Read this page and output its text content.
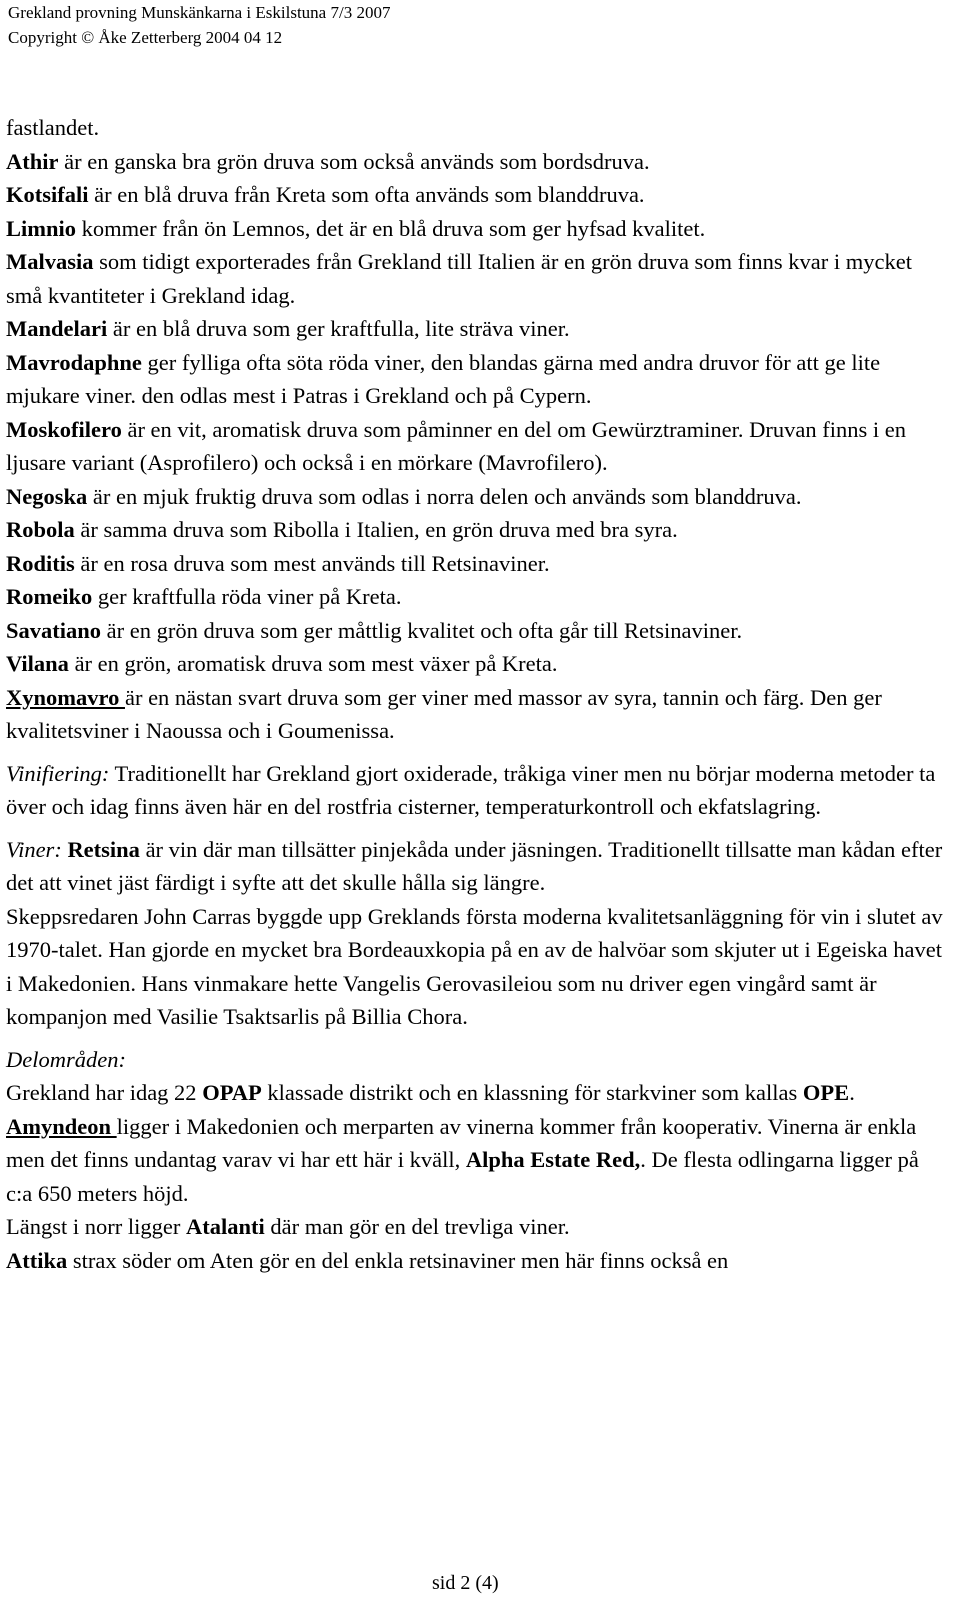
Grekland provning Munskänkarna i Eskilstuna 7/3 2007
Copyright © Åke Zetterberg 2004 04 12

fastlandet.

Athir är en ganska bra grön druva som också används som bordsdruva.

Kotsifali är en blå druva från Kreta som ofta används som blanddruva.

Limnio kommer från ön Lemnos, det är en blå druva som ger hyfsad kvalitet.

Malvasia som tidigt exporterades från Grekland till Italien är en grön druva som finns kvar i mycket små kvantiteter i Grekland idag.

Mandelari är en blå druva som ger kraftfulla, lite sträva viner.

Mavrodaphne ger fylliga ofta söta röda viner, den blandas gärna med andra druvor för att ge lite mjukare viner. den odlas mest i Patras i Grekland och på Cypern.

Moskofilero är en vit, aromatisk druva som påminner en del om Gewürztraminer. Druvan finns i en ljusare variant (Asprofilero) och också i en mörkare (Mavrofilero).

Negoska är en mjuk fruktig druva som odlas i norra delen och används som blanddruva.

Robola är samma druva som Ribolla i Italien, en grön druva med bra syra.

Roditis är en rosa druva som mest används till Retsinaviner.

Romeiko ger kraftfulla röda viner på Kreta.

Savatiano är en grön druva som ger måttlig kvalitet och ofta går till Retsinaviner.

Vilana är en grön, aromatisk druva som mest växer på Kreta.

Xynomavro är en nästan svart druva som ger viner med massor av syra, tannin och färg. Den ger kvalitetsviner i Naoussa och i Goumenissa.

Vinifiering: Traditionellt har Grekland gjort oxiderade, tråkiga viner men nu börjar moderna metoder ta över och idag finns även här en del rostfria cisterner, temperaturkontroll och ekfatslagring.

Viner: Retsina är vin där man tillsätter pinjekåda under jäsningen. Traditionellt tillsatte man kådan efter det att vinet jäst färdigt i syfte att det skulle hålla sig längre.

Skeppsredaren John Carras byggde upp Greklands första moderna kvalitetsanläggning för vin i slutet av 1970-talet. Han gjorde en mycket bra Bordeauxkopia på en av de halvöar som skjuter ut i Egeiska havet i Makedonien. Hans vinmakare hette Vangelis Gerovasileiou som nu driver egen vingård samt är kompanjon med Vasilie Tsaktsarlis på Billia Chora.

Delområden:

Grekland har idag 22 OPAP klassade distrikt och en klassning för starkviner som kallas OPE.

Amyndeon ligger i Makedonien och merparten av vinerna kommer från kooperativ. Vinerna är enkla men det finns undantag varav vi har ett här i kväll, Alpha Estate Red,. De flesta odlingarna ligger på c:a 650 meters höjd.

Längst i norr ligger Atalanti där man gör en del trevliga viner.

Attika strax söder om Aten gör en del enkla retsinaviner men här finns också en

sid 2 (4)
